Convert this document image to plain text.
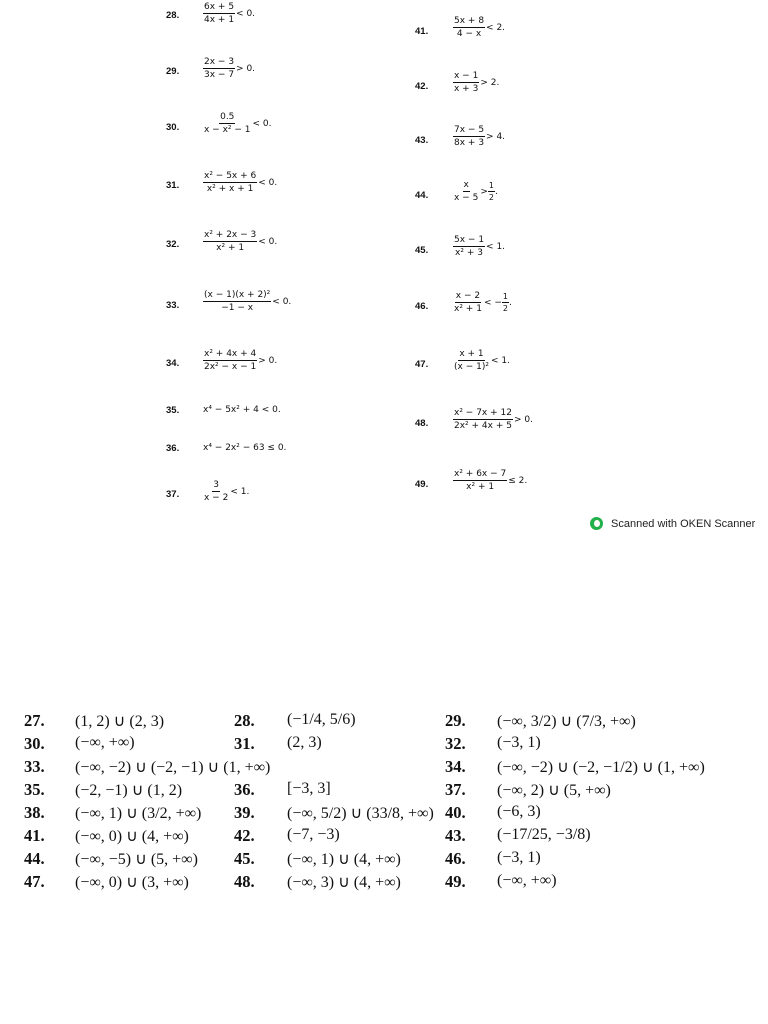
28.
29.
30.
31.
32.
33.
34.
35.
36.
37.
41.
42.
43.
44.
45.
46.
47.
48.
49.
$\frac{6x + 5}{4x + 1} < 0$.
$\frac{2x - 3}{3x - 7} > 0$.
$\frac{0.5}{\text{x − x² − 1}} < 0$.
$\frac{\text{x² − 5x + 6}}{\text{x² + x + 1}} < 0$.
$\frac{\text{x² + 2x − 3}}{\text{x² + 1}} < 0$.
$\frac{\text{(x − 1)(x + 2)²}}{-1 - x} < 0$.
$\frac{\text{x² + 4x + 4}}{\text{2x² − x − 1}} > 0$.
x⁴ − 5x² + 4 < 0.
x⁴ − 2x² − 63 ≤ 0.
$\frac{3}{x - 2} < 1$.
$\frac{5x + 8}{4 - x} < 2$.
$\frac{x - 1}{x + 3} > 2$.
$\frac{7x - 5}{8x + 3} > 4$.
$\frac{x}{x - 5} > \frac{1}{2}$ .
$\frac{5x - 1}{\text{x² + 3}} < 1$.
$\frac{x - 2}{\text{x² + 1}}$ < − $\frac{1}{2}$ .
$\frac{x + 1}{\text{(x − 1)²}} < 1$.
$\frac{\text{x² − 7x + 12}}{\text{2x² + 4x + 5}} > 0$.
$\frac{\text{x² + 6x − 7}}{\text{x² + 1}} \le 2$.
Scanned with OKEN Scanner
27. (1, 2) ∪ (2, 3)	28. (−1/4, 5/6)	29. (−∞, 3/2) ∪ (7/3, +∞)
30. (−∞, +∞)	31. (2, 3)	32. (−3, 1)
33. (−∞, −2) ∪ (−2, −1) ∪ (1, +∞)	34. (−∞, −2) ∪ (−2, −1/2) ∪ (1, +∞)
35. (−2, −1) ∪ (1, 2)	36. [−3, 3]	37. (−∞, 2) ∪ (5, +∞)
38. (−∞, 1) ∪ (3/2, +∞) 39. (−∞, 5/2) ∪ (33/8, +∞) 40. (−6, 3)
41. (−∞, 0) ∪ (4, +∞)	42. (−7, −3)	43. (−17/25, −3/8)
44. (−∞, −5) ∪ (5, +∞) 45. (−∞, 1) ∪ (4, +∞)	46. (−3, 1)
47. (−∞, 0) ∪ (3, +∞)	48. (−∞, 3) ∪ (4, +∞)	49. (−∞, +∞)
